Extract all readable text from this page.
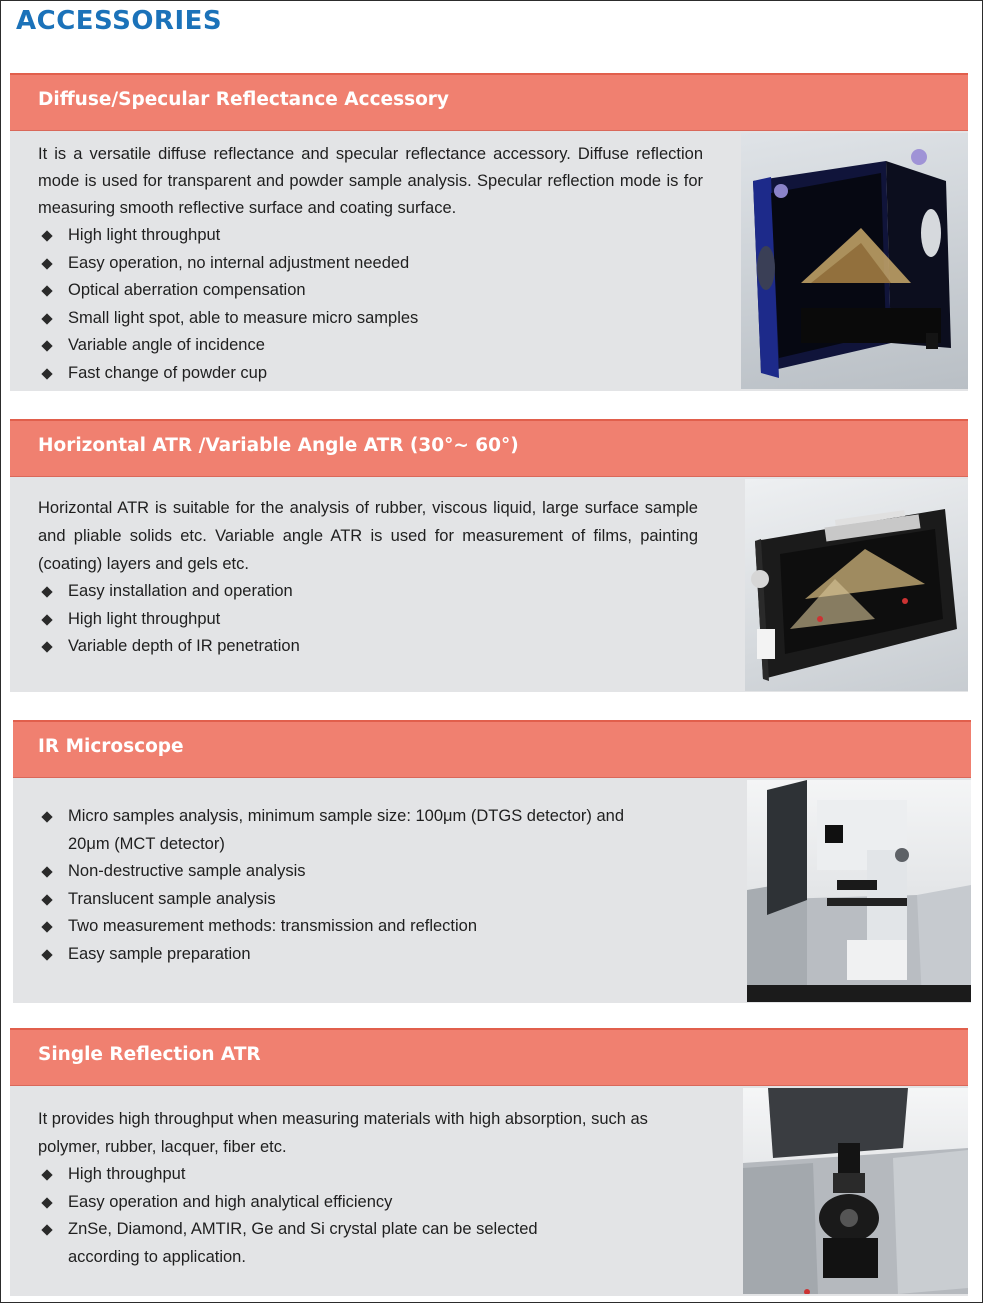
ACCESSORIES
Diffuse/Specular Reflectance Accessory
It is a versatile diffuse reflectance and specular reflectance accessory. Diffuse reflection mode is used for transparent and powder sample analysis. Specular reflection mode is for measuring smooth reflective surface and coating surface.
High light throughput
Easy operation, no internal adjustment needed
Optical aberration compensation
Small light spot, able to measure micro samples
Variable angle of incidence
Fast change of powder cup
Horizontal ATR /Variable Angle ATR (30°~ 60°)
Horizontal ATR is suitable for the analysis of rubber, viscous liquid, large surface sample and pliable solids etc. Variable angle ATR is used for measurement of films, painting (coating) layers and gels etc.
Easy installation and operation
High light throughput
Variable depth of IR penetration
IR Microscope
Micro samples analysis, minimum sample size: 100μm (DTGS detector) and 20μm (MCT detector)
Non-destructive sample analysis
Translucent sample analysis
Two measurement methods: transmission and reflection
Easy sample preparation
Single Reflection ATR
It provides high throughput when measuring materials with high absorption, such as polymer, rubber, lacquer, fiber etc.
High throughput
Easy operation and high analytical efficiency
ZnSe, Diamond, AMTIR, Ge and Si crystal plate can be selected according to application.
